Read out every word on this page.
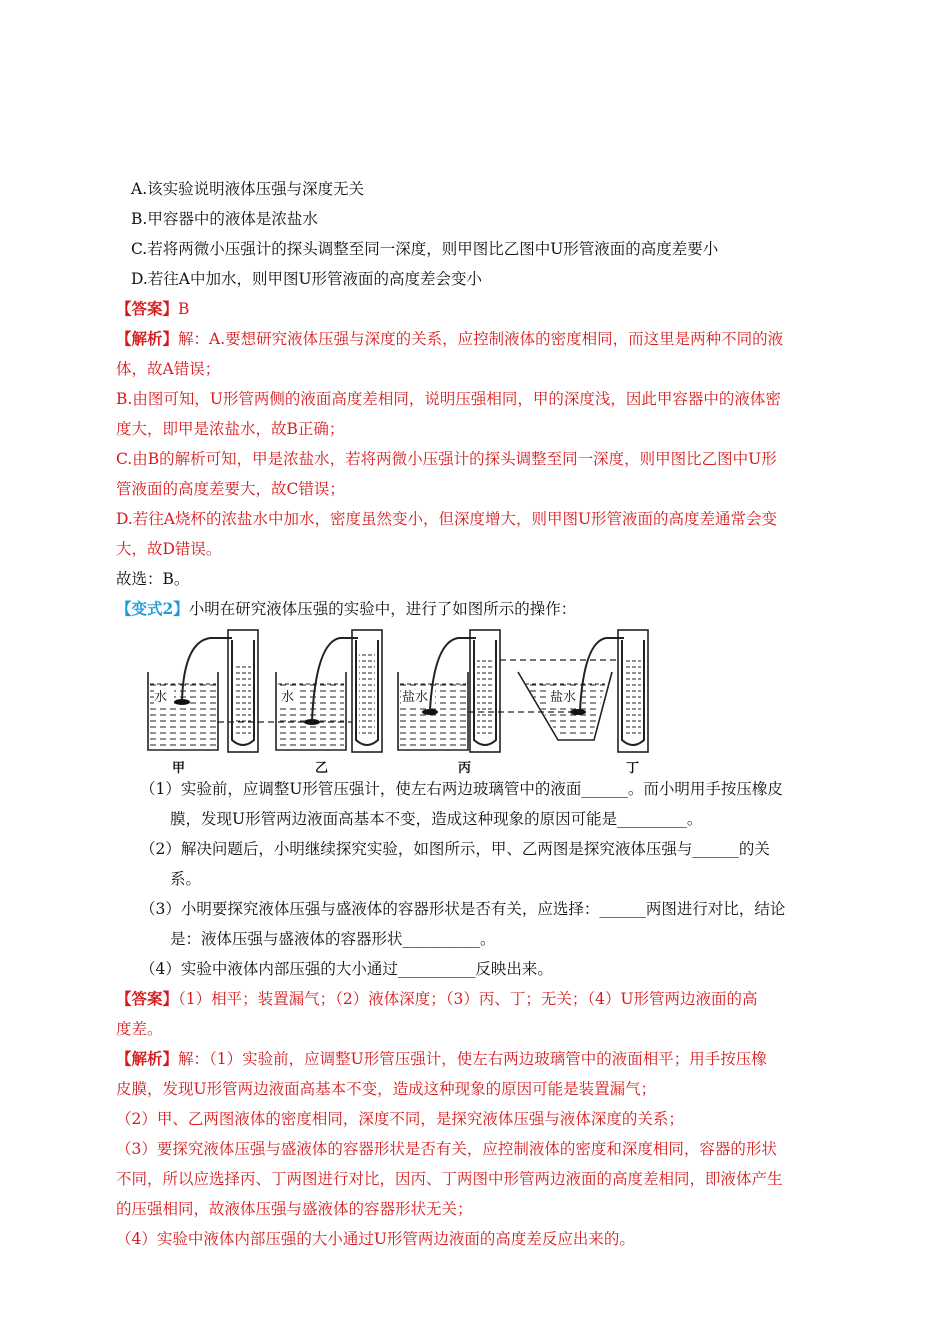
A.该实验说明液体压强与深度无关
B.甲容器中的液体是浓盐水
C.若将两微小压强计的探头调整至同一深度，则甲图比乙图中U形管液面的高度差要小
D.若往A中加水，则甲图U形管液面的高度差会变小
【答案】B
【解析】解：A.要想研究液体压强与深度的关系，应控制液体的密度相同，而这里是两种不同的液
体，故A错误；
B.由图可知，U形管两侧的液面高度差相同，说明压强相同，甲的深度浅，因此甲容器中的液体密
度大，即甲是浓盐水，故B正确；
C.由B的解析可知，甲是浓盐水，若将两微小压强计的探头调整至同一深度，则甲图比乙图中U形
管液面的高度差要大，故C错误；
D.若往A烧杯的浓盐水中加水，密度虽然变小，但深度增大，则甲图U形管液面的高度差通常会变
大，故D错误。
故选：B。
【变式2】小明在研究液体压强的实验中，进行了如图所示的操作：
水
甲
水
乙
盐水
丙
盐水
丁
（1）实验前，应调整U形管压强计，使左右两边玻璃管中的液面______。而小明用手按压橡皮
膜，发现U形管两边液面高基本不变，造成这种现象的原因可能是_________。
（2）解决问题后，小明继续探究实验，如图所示，甲、乙两图是探究液体压强与______的关
系。
（3）小明要探究液体压强与盛液体的容器形状是否有关，应选择：______两图进行对比，结论
是：液体压强与盛液体的容器形状__________。
（4）实验中液体内部压强的大小通过__________反映出来。
【答案】（1）相平；装置漏气；（2）液体深度；（3）丙、丁；无关；（4）U形管两边液面的高
度差。
【解析】解：（1）实验前，应调整U形管压强计，使左右两边玻璃管中的液面相平；用手按压橡
皮膜，发现U形管两边液面高基本不变，造成这种现象的原因可能是装置漏气；
（2）甲、乙两图液体的密度相同，深度不同，是探究液体压强与液体深度的关系；
（3）要探究液体压强与盛液体的容器形状是否有关，应控制液体的密度和深度相同，容器的形状
不同，所以应选择丙、丁两图进行对比，因丙、丁两图中形管两边液面的高度差相同，即液体产生
的压强相同，故液体压强与盛液体的容器形状无关；
（4）实验中液体内部压强的大小通过U形管两边液面的高度差反应出来的。
